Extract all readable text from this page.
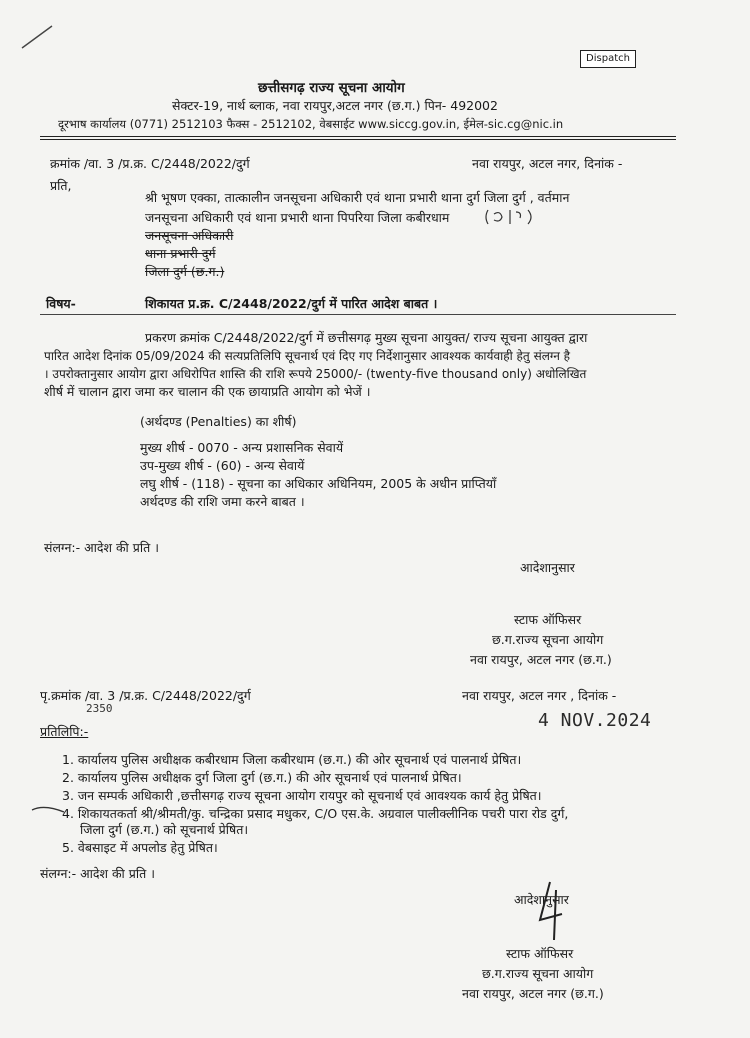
Dispatch
छत्तीसगढ़ राज्य सूचना आयोग
सेक्टर-19, नार्थ ब्लाक, नवा रायपुर,अटल नगर (छ.ग.) पिन- 492002
दूरभाष कार्यालय (0771) 2512103 फैक्स - 2512102, वेबसाईट www.siccg.gov.in, ईमेल-sic.cg@nic.in
क्रमांक /वा. 3 /प्र.क्र. C/2448/2022/दुर्ग	नवा रायपुर, अटल नगर, दिनांक -
प्रति,
श्री भूषण एक्का, तात्कालीन जनसूचना अधिकारी एवं थाना प्रभारी थाना दुर्ग जिला दुर्ग , वर्तमान
जनसूचना अधिकारी एवं थाना प्रभारी थाना पिपरिया जिला कबीरधाम
जनसूचना अधिकारी
थाना प्रभारी दुर्ग
जिला दुर्ग (छ.ग.)
विषय-	शिकायत प्र.क्र. C/2448/2022/दुर्ग में पारित आदेश बाबत ।
प्रकरण क्रमांक C/2448/2022/दुर्ग में छत्तीसगढ़ मुख्य सूचना आयुक्त/ राज्य सूचना आयुक्त द्वारा
पारित आदेश दिनांक 05/09/2024 की सत्यप्रतिलिपि सूचनार्थ एवं दिए गए निर्देशानुसार आवश्यक कार्यवाही हेतु संलग्न है
। उपरोक्तानुसार आयोग द्वारा अधिरोपित शास्ति की राशि रूपये 25000/- (twenty-five thousand only) अधोलिखित
शीर्ष में चालान द्वारा जमा कर चालान की एक छायाप्रति आयोग को भेजें ।
(अर्थदण्ड (Penalties) का शीर्ष)
मुख्य शीर्ष - 0070 - अन्य प्रशासनिक सेवायें
उप-मुख्य शीर्ष - (60) - अन्य सेवायें
लघु शीर्ष - (118) - सूचना का अधिकार अधिनियम, 2005 के अधीन प्राप्तियाँ
अर्थदण्ड की राशि जमा करने बाबत ।
संलग्न:- आदेश की प्रति ।
आदेशानुसार
स्टाफ ऑफिसर
छ.ग.राज्य सूचना आयोग
नवा रायपुर, अटल नगर (छ.ग.)
पृ.क्रमांक /वा. 3 /प्र.क्र. C/2448/2022/दुर्ग
2350
नवा रायपुर, अटल नगर , दिनांक -
4 NOV.2024
प्रतिलिपि:-
1. कार्यालय पुलिस अधीक्षक कबीरधाम जिला कबीरधाम (छ.ग.) की ओर सूचनार्थ एवं पालनार्थ प्रेषित।
2. कार्यालय पुलिस अधीक्षक दुर्ग जिला दुर्ग (छ.ग.) की ओर सूचनार्थ एवं पालनार्थ प्रेषित।
3. जन सम्पर्क अधिकारी ,छत्तीसगढ़ राज्य सूचना आयोग रायपुर को सूचनार्थ एवं आवश्यक कार्य हेतु प्रेषित।
4. शिकायतकर्ता श्री/श्रीमती/कु. चन्द्रिका प्रसाद मधुकर, C/O एस.के. अग्रवाल पालीक्लीनिक पचरी पारा रोड दुर्ग,
जिला दुर्ग (छ.ग.) को सूचनार्थ प्रेषित।
5. वेबसाइट में अपलोड हेतु प्रेषित।
संलग्न:- आदेश की प्रति ।
आदेशानुसार
स्टाफ ऑफिसर
छ.ग.राज्य सूचना आयोग
नवा रायपुर, अटल नगर (छ.ग.)
